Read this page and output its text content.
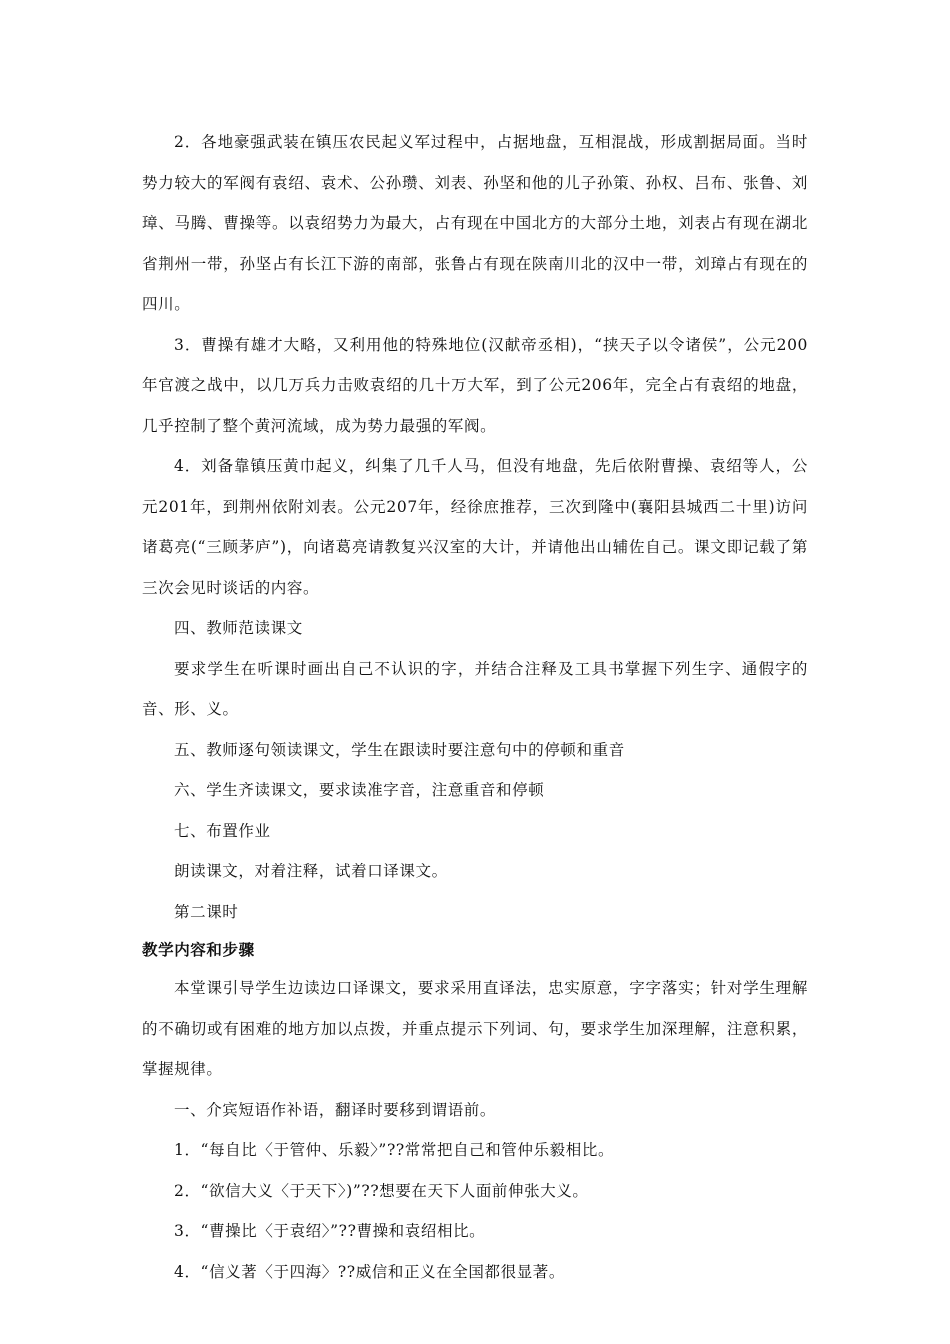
2．各地豪强武装在镇压农民起义军过程中，占据地盘，互相混战，形成割据局面。当时势力较大的军阀有袁绍、袁术、公孙瓒、刘表、孙坚和他的儿子孙策、孙权、吕布、张鲁、刘璋、马腾、曹操等。以袁绍势力为最大，占有现在中国北方的大部分土地，刘表占有现在湖北省荆州一带，孙坚占有长江下游的南部，张鲁占有现在陕南川北的汉中一带，刘璋占有现在的四川。

3．曹操有雄才大略，又利用他的特殊地位(汉献帝丞相)，“挟天子以令诸侯”，公元200年官渡之战中，以几万兵力击败袁绍的几十万大军，到了公元206年，完全占有袁绍的地盘，几乎控制了整个黄河流域，成为势力最强的军阀。

4．刘备靠镇压黄巾起义，纠集了几千人马，但没有地盘，先后依附曹操、袁绍等人，公元201年，到荆州依附刘表。公元207年，经徐庶推荐，三次到隆中(襄阳县城西二十里)访问诸葛亮(“三顾茅庐”)，向诸葛亮请教复兴汉室的大计，并请他出山辅佐自己。课文即记载了第三次会见时谈话的内容。

四、教师范读课文

要求学生在听课时画出自己不认识的字，并结合注释及工具书掌握下列生字、通假字的音、形、义。

五、教师逐句领读课文，学生在跟读时要注意句中的停顿和重音

六、学生齐读课文，要求读准字音，注意重音和停顿

七、布置作业

朗读课文，对着注释，试着口译课文。

第二课时

教学内容和步骤

本堂课引导学生边读边口译课文，要求采用直译法，忠实原意，字字落实；针对学生理解的不确切或有困难的地方加以点拨，并重点提示下列词、句，要求学生加深理解，注意积累，掌握规律。

一、介宾短语作补语，翻译时要移到谓语前。

1．“每自比〈于管仲、乐毅〉”??常常把自己和管仲乐毅相比。

2．“欲信大义〈于天下〉)”??想要在天下人面前伸张大义。

3．“曹操比〈于袁绍〉”??曹操和袁绍相比。

4．“信义著〈于四海〉??威信和正义在全国都很显著。
